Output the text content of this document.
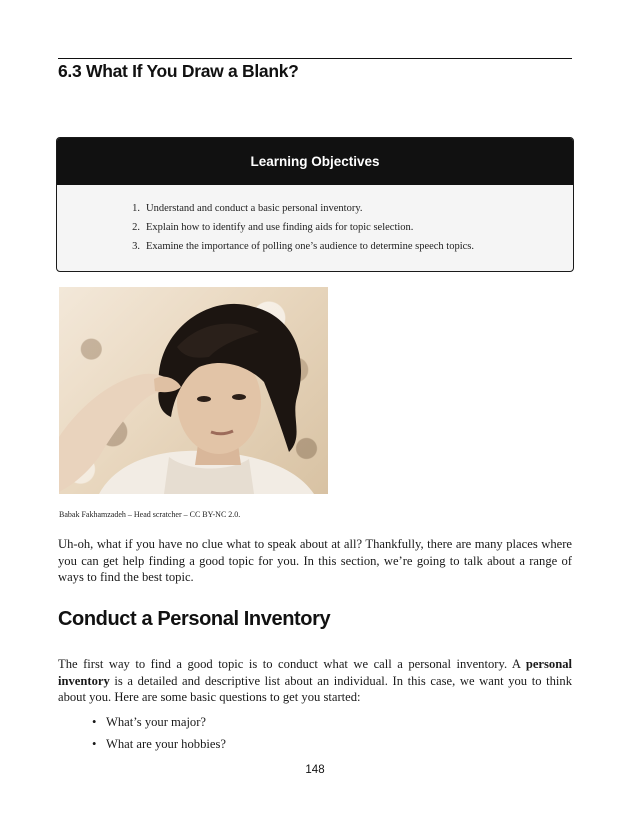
6.3 What If You Draw a Blank?
Learning Objectives
1. Understand and conduct a basic personal inventory.
2. Explain how to identify and use finding aids for topic selection.
3. Examine the importance of polling one’s audience to determine speech topics.
Babak Fakhamzadeh – Head scratcher – CC BY-NC 2.0.

Uh-oh, what if you have no clue what to speak about at all? Thankfully, there are many places where you can get help finding a good topic for you. In this section, we’re going to talk about a range of ways to find the best topic.

Conduct a Personal Inventory

The first way to find a good topic is to conduct what we call a personal inventory. A personal inventory is a detailed and descriptive list about an individual. In this case, we want you to think about you. Here are some basic questions to get you started:

• What’s your major?
• What are your hobbies?
148
